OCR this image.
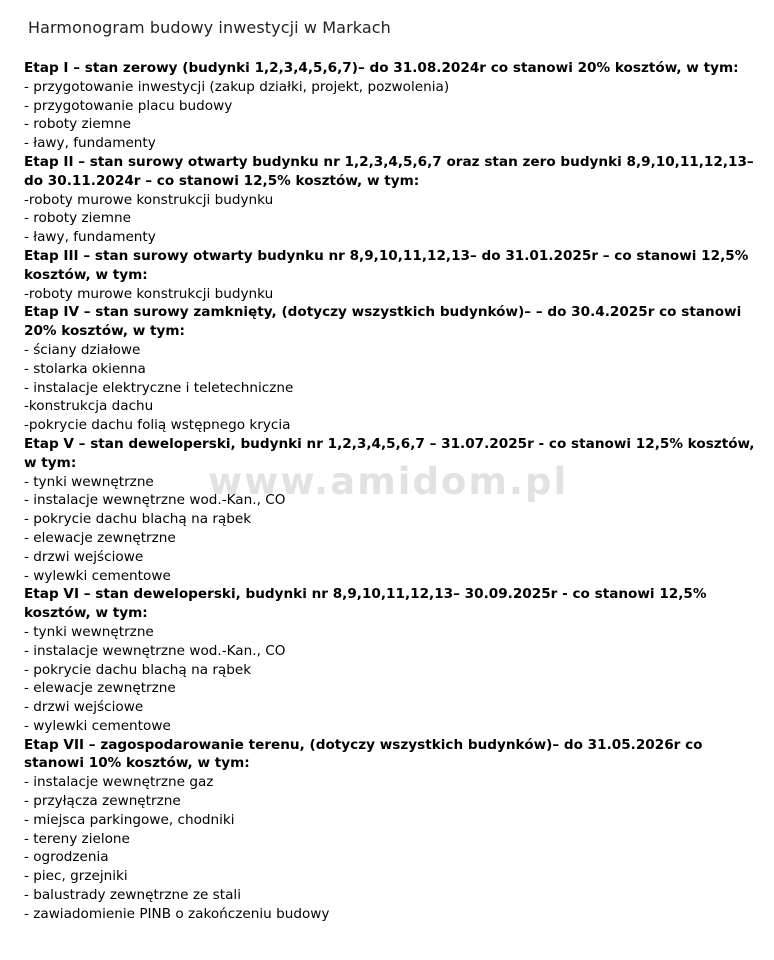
Harmonogram budowy inwestycji w Markach

Etap I – stan zerowy (budynki 1,2,3,4,5,6,7)– do 31.08.2024r co stanowi 20% kosztów, w tym:

- przygotowanie inwestycji (zakup działki, projekt, pozwolenia)

- przygotowanie placu budowy

- roboty ziemne

- ławy, fundamenty

Etap II – stan surowy otwarty budynku nr 1,2,3,4,5,6,7 oraz stan zero budynki 8,9,10,11,12,13– do 30.11.2024r – co stanowi 12,5% kosztów, w tym:

-roboty murowe konstrukcji budynku

- roboty ziemne

- ławy, fundamenty

Etap III – stan surowy otwarty budynku nr 8,9,10,11,12,13– do 31.01.2025r – co stanowi 12,5% kosztów, w tym:

-roboty murowe konstrukcji budynku

Etap IV – stan surowy zamknięty, (dotyczy wszystkich budynków)– – do 30.4.2025r co stanowi 20% kosztów, w tym:

- ściany działowe

- stolarka okienna

- instalacje elektryczne i teletechniczne

-konstrukcja dachu

-pokrycie dachu folią wstępnego krycia

Etap V – stan deweloperski, budynki nr 1,2,3,4,5,6,7 – 31.07.2025r - co stanowi 12,5% kosztów, w tym:

- tynki wewnętrzne

- instalacje wewnętrzne wod.-Kan., CO

- pokrycie dachu blachą na rąbek

- elewacje zewnętrzne

- drzwi wejściowe

- wylewki cementowe

Etap VI – stan deweloperski, budynki nr 8,9,10,11,12,13– 30.09.2025r - co stanowi 12,5% kosztów, w tym:

- tynki wewnętrzne

- instalacje wewnętrzne wod.-Kan., CO

- pokrycie dachu blachą na rąbek

- elewacje zewnętrzne

- drzwi wejściowe

- wylewki cementowe

Etap VII – zagospodarowanie terenu, (dotyczy wszystkich budynków)– do 31.05.2026r co stanowi 10% kosztów, w tym:

- instalacje wewnętrzne gaz

- przyłącza zewnętrzne

- miejsca parkingowe, chodniki

- tereny zielone

- ogrodzenia

- piec, grzejniki

- balustrady zewnętrzne ze stali

- zawiadomienie PINB o zakończeniu budowy

www.amidom.pl
